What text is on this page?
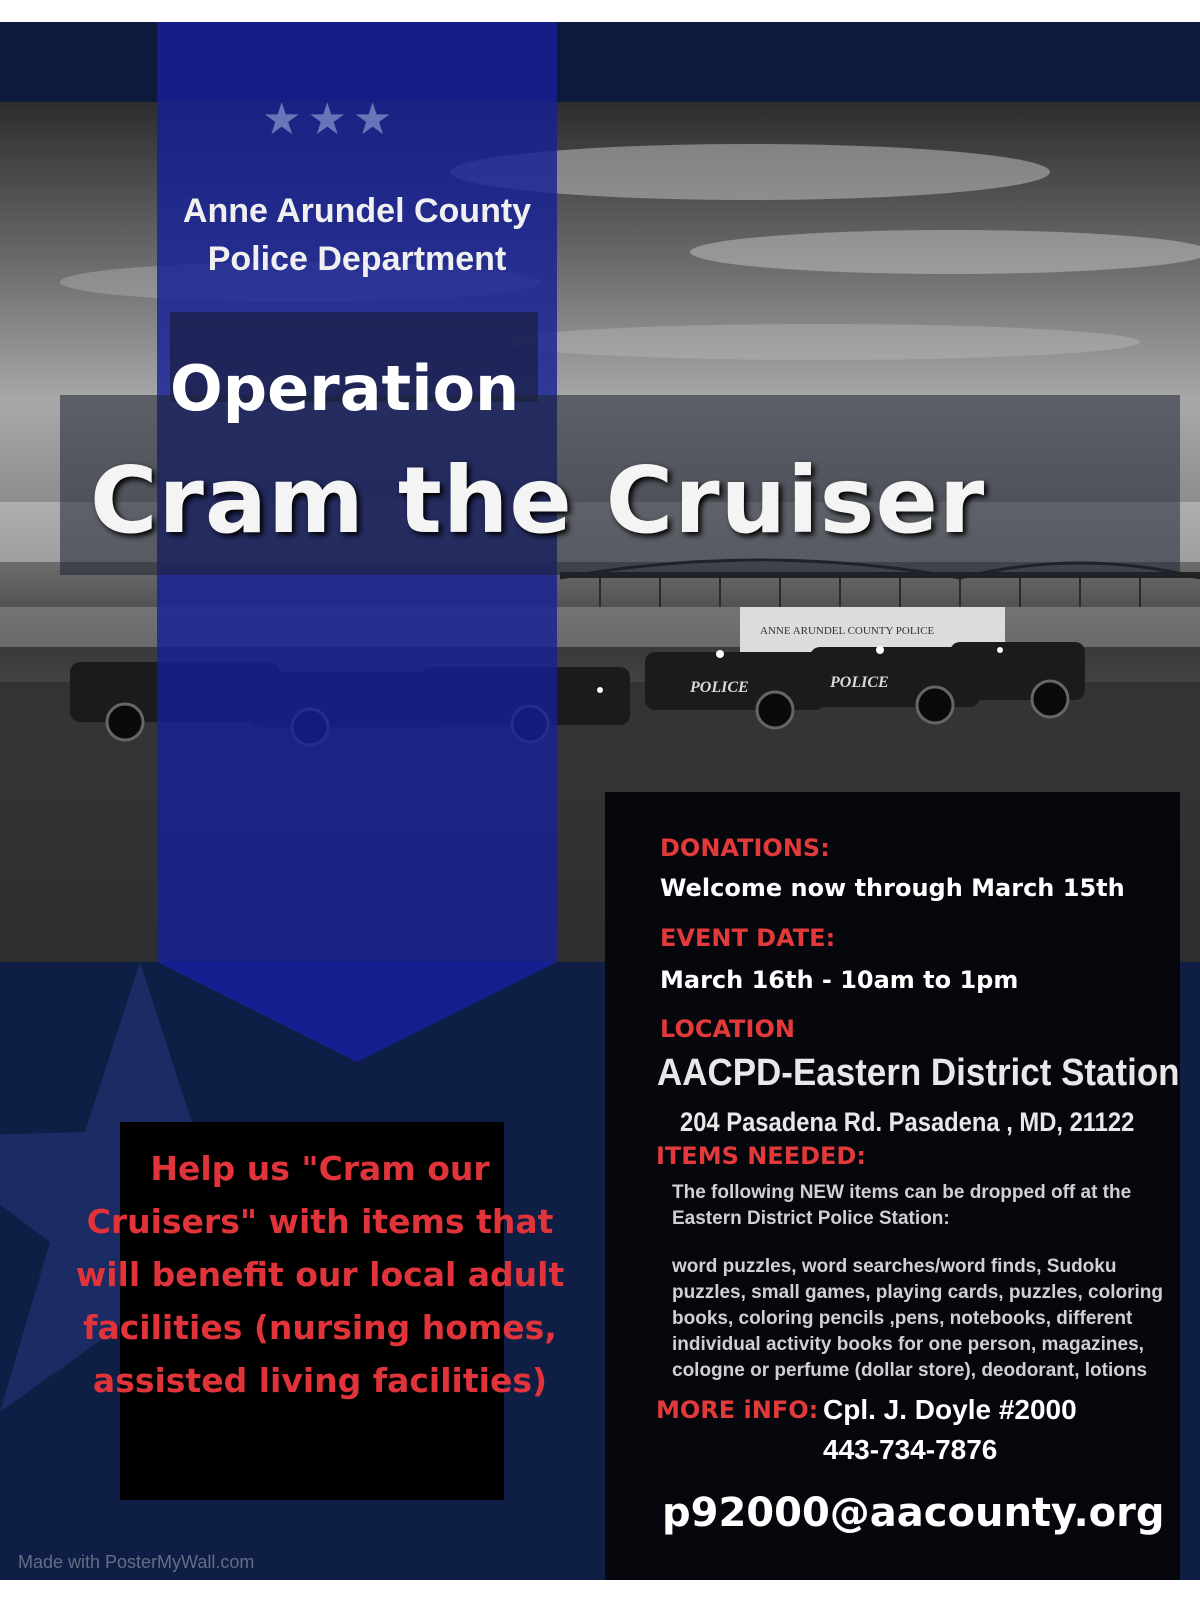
ANNE ARUNDEL COUNTY POLICE
POLICE	POLICE
★★★
Anne Arundel County
Police Department
Operation
Cram the Cruiser
DONATIONS:
Welcome now through March 15th
EVENT DATE:
March 16th - 10am to 1pm
LOCATION
AACPD-Eastern District Station
204 Pasadena Rd. Pasadena , MD, 21122
ITEMS NEEDED:
The following NEW items can be dropped off at the
Eastern District Police Station:
word puzzles, word searches/word finds, Sudoku
puzzles, small games, playing cards, puzzles, coloring
books, coloring pencils ,pens, notebooks, different
individual activity books for one person, magazines,
cologne or perfume (dollar store), deodorant, lotions
MORE iNFO: Cpl. J. Doyle #2000
443-734-7876
p92000@aacounty.org
Help us "Cram our
Cruisers" with items that
will benefit our local adult
facilities (nursing homes,
assisted living facilities)
Made with PosterMyWall.com
